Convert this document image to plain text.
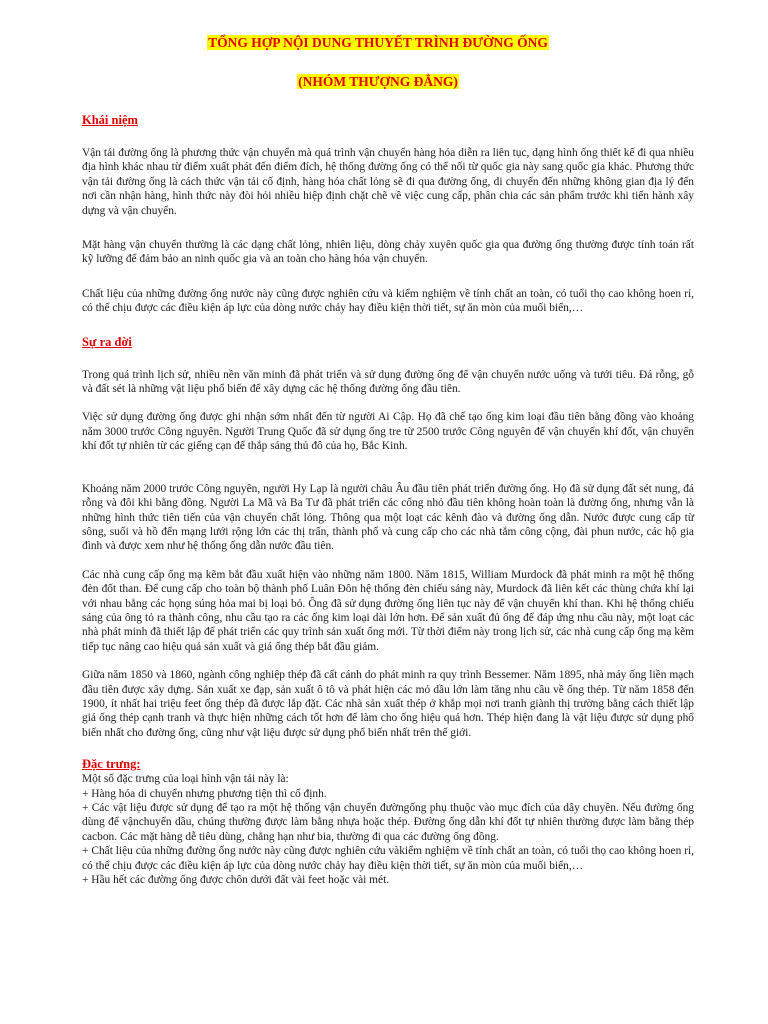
TỔNG HỢP NỘI DUNG THUYẾT TRÌNH ĐƯỜNG ỐNG
(NHÓM THƯỢNG ĐẲNG)
Khái niệm

Vận tải đường ống là phương thức vận chuyển mà quá trình vận chuyển hàng hóa diễn ra liên tục, dạng hình ống thiết kế đi qua nhiều địa hình khác nhau từ điểm xuất phát đến điểm đích, hệ thống đường ống có thể nối từ quốc gia này sang quốc gia khác. Phương thức vận tải đường ống là cách thức vận tải cố định, hàng hóa chất lỏng sẽ đi qua đường ống, di chuyển đến những không gian địa lý đến nơi cần nhận hàng, hình thức này đòi hỏi nhiều hiệp định chặt chẽ về việc cung cấp, phân chia các sản phẩm trước khi tiến hành xây dựng và vận chuyển.

Mặt hàng vận chuyển thường là các dạng chất lỏng, nhiên liệu, dòng chảy xuyên quốc gia qua đường ống thường được tính toán rất kỹ lưỡng để đảm bảo an ninh quốc gia và an toàn cho hàng hóa vận chuyển.

Chất liệu của những đường ống nước này cũng được nghiên cứu và kiểm nghiệm về tính chất an toàn, có tuổi thọ cao không hoen rỉ, có thể chịu được các điều kiện áp lực của dòng nước chảy hay điều kiện thời tiết, sự ăn mòn của muối biển,…

Sự ra đời

Trong quá trình lịch sử, nhiều nền văn minh đã phát triển và sử dụng đường ống để vận chuyển nước uống và tưới tiêu. Đá rỗng, gỗ và đất sét là những vật liệu phổ biến để xây dựng các hệ thống đường ống đầu tiên.

Việc sử dụng đường ống được ghi nhận sớm nhất đến từ người Ai Cập. Họ đã chế tạo ống kim loại đầu tiên bằng đồng vào khoảng năm 3000 trước Công nguyên. Người Trung Quốc đã sử dụng ống tre từ 2500 trước Công nguyên để vận chuyển khí đốt, vận chuyển khí đốt tự nhiên từ các giếng cạn để thắp sáng thủ đô của họ, Bắc Kinh.

Khoảng năm 2000 trước Công nguyên, người Hy Lạp là người châu Âu đầu tiên phát triển đường ống. Họ đã sử dụng đất sét nung, đá rỗng và đôi khi bằng đồng. Người La Mã và Ba Tư đã phát triển các cống nhỏ đầu tiên không hoàn toàn là đường ống, nhưng vẫn là những hình thức tiên tiến của vận chuyển chất lỏng. Thông qua một loạt các kênh đào và đường ống dẫn. Nước được cung cấp từ sông, suối và hồ đến mạng lưới rộng lớn các thị trấn, thành phố và cung cấp cho các nhà tắm công cộng, đài phun nước, các hộ gia đình và được xem như hệ thống ống dẫn nước đầu tiên.

Các nhà cung cấp ống mạ kẽm bắt đầu xuất hiện vào những năm 1800. Năm 1815, William Murdock đã phát minh ra một hệ thống đèn đốt than. Để cung cấp cho toàn bộ thành phố Luân Đôn hệ thống đèn chiếu sáng này, Murdock đã liên kết các thùng chứa khí lại với nhau bằng các họng súng hỏa mai bị loại bỏ. Ông đã sử dụng đường ống liên tục này để vận chuyển khí than. Khi hệ thống chiếu sáng của ông tỏ ra thành công, nhu cầu tạo ra các ống kim loại dài lớn hơn. Để sản xuất đủ ống để đáp ứng nhu cầu này, một loạt các nhà phát minh đã thiết lập để phát triển các quy trình sản xuất ống mới. Từ thời điểm này trong lịch sử, các nhà cung cấp ống mạ kẽm tiếp tục nâng cao hiệu quả sản xuất và giá ống thép bắt đầu giảm.

Giữa năm 1850 và 1860, ngành công nghiệp thép đã cất cánh do phát minh ra quy trình Bessemer. Năm 1895, nhà máy ống liền mạch đầu tiên được xây dựng. Sản xuất xe đạp, sản xuất ô tô và phát hiện các mỏ dầu lớn làm tăng nhu cầu về ống thép. Từ năm 1858 đến 1900, ít nhất hai triệu feet ống thép đã được lắp đặt. Các nhà sản xuất thép ở khắp mọi nơi tranh giành thị trường bằng cách thiết lập giá ống thép cạnh tranh và thực hiện những cách tốt hơn để làm cho ống hiệu quả hơn. Thép hiện đang là vật liệu được sử dụng phổ biến nhất cho đường ống, cũng như vật liệu được sử dụng phổ biến nhất trên thế giới.

Đặc trưng:

Một số đặc trưng của loại hình vận tải này là:

+ Hàng hóa di chuyển nhưng phương tiện thì cố định.

+ Các vật liệu được sử dụng để tạo ra một hệ thống vận chuyển đườngống phụ thuộc vào mục đích của dây chuyền. Nếu đường ống dùng để vậnchuyển dầu, chúng thường được làm bằng nhựa hoặc thép. Đường ống dẫn khí đốt tự nhiên thường được làm bằng thép cacbon. Các mặt hàng dễ tiêu dùng, chẳng hạn như bia, thường đi qua các đường ống đồng.

+ Chất liệu của những đường ống nước này cũng được nghiên cứu vàkiểm nghiệm về tính chất an toàn, có tuổi thọ cao không hoen rỉ, có thể chịu được các điều kiện áp lực của dòng nước chảy hay điều kiện thời tiết, sự ăn mòn của muối biển,…

+ Hầu hết các đường ống được chôn dưới đất vài feet hoặc vài mét.
